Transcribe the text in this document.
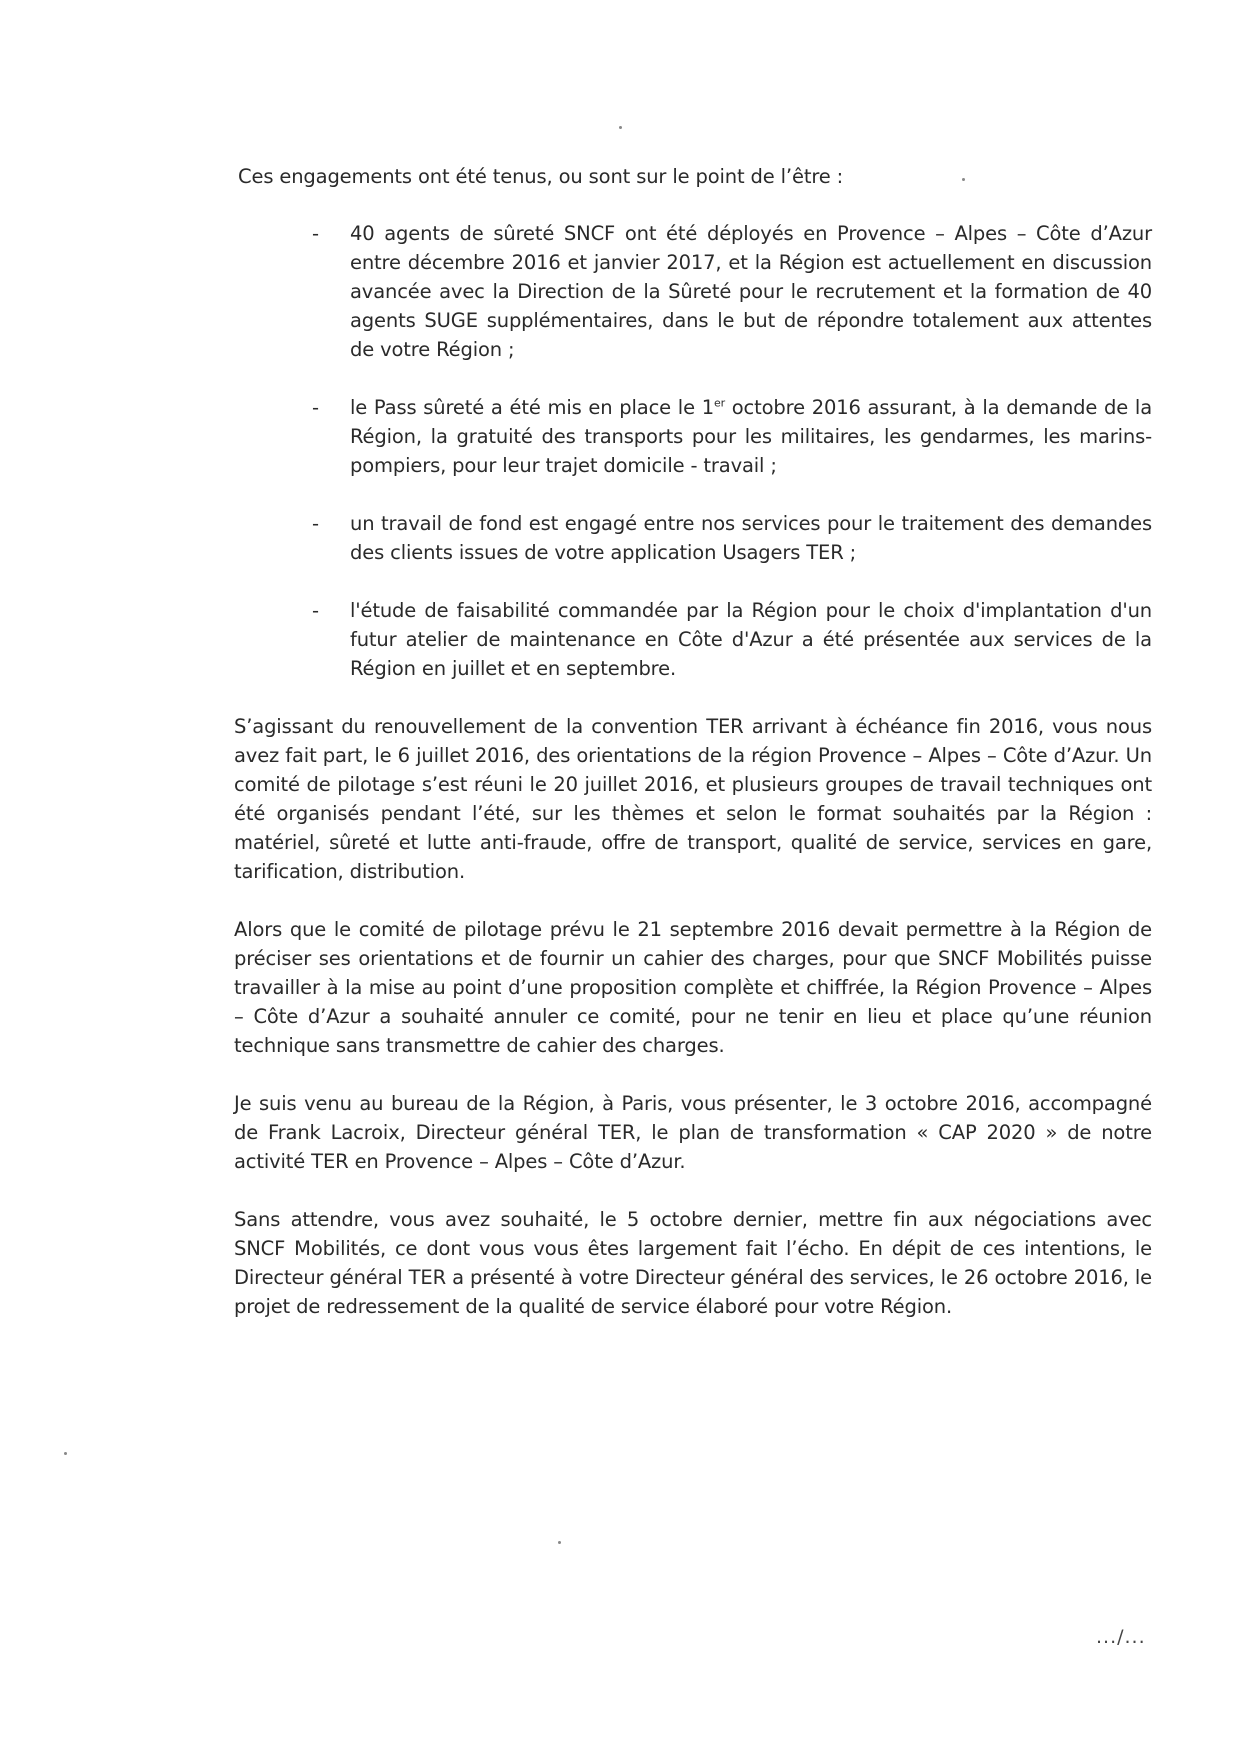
Ces engagements ont été tenus, ou sont sur le point de l’être :

- 40 agents de sûreté SNCF ont été déployés en Provence – Alpes – Côte d’Azur entre décembre 2016 et janvier 2017, et la Région est actuellement en discussion avancée avec la Direction de la Sûreté pour le recrutement et la formation de 40 agents SUGE supplémentaires, dans le but de répondre totalement aux attentes de votre Région ;
- le Pass sûreté a été mis en place le 1er octobre 2016 assurant, à la demande de la Région, la gratuité des transports pour les militaires, les gendarmes, les marins-pompiers, pour leur trajet domicile - travail ;
- un travail de fond est engagé entre nos services pour le traitement des demandes des clients issues de votre application Usagers TER ;
- l'étude de faisabilité commandée par la Région pour le choix d'implantation d'un futur atelier de maintenance en Côte d'Azur a été présentée aux services de la Région en juillet et en septembre.

S’agissant du renouvellement de la convention TER arrivant à échéance fin 2016, vous nous avez fait part, le 6 juillet 2016, des orientations de la région Provence – Alpes – Côte d’Azur. Un comité de pilotage s’est réuni le 20 juillet 2016, et plusieurs groupes de travail techniques ont été organisés pendant l’été, sur les thèmes et selon le format souhaités par la Région : matériel, sûreté et lutte anti-fraude, offre de transport, qualité de service, services en gare, tarification, distribution.

Alors que le comité de pilotage prévu le 21 septembre 2016 devait permettre à la Région de préciser ses orientations et de fournir un cahier des charges, pour que SNCF Mobilités puisse travailler à la mise au point d’une proposition complète et chiffrée, la Région Provence – Alpes – Côte d’Azur a souhaité annuler ce comité, pour ne tenir en lieu et place qu’une réunion technique sans transmettre de cahier des charges.

Je suis venu au bureau de la Région, à Paris, vous présenter, le 3 octobre 2016, accompagné de Frank Lacroix, Directeur général TER, le plan de transformation « CAP 2020 » de notre activité TER en Provence – Alpes – Côte d’Azur.

Sans attendre, vous avez souhaité, le 5 octobre dernier, mettre fin aux négociations avec SNCF Mobilités, ce dont vous vous êtes largement fait l’écho. En dépit de ces intentions, le Directeur général TER a présenté à votre Directeur général des services, le 26 octobre 2016, le projet de redressement de la qualité de service élaboré pour votre Région.

.../...
